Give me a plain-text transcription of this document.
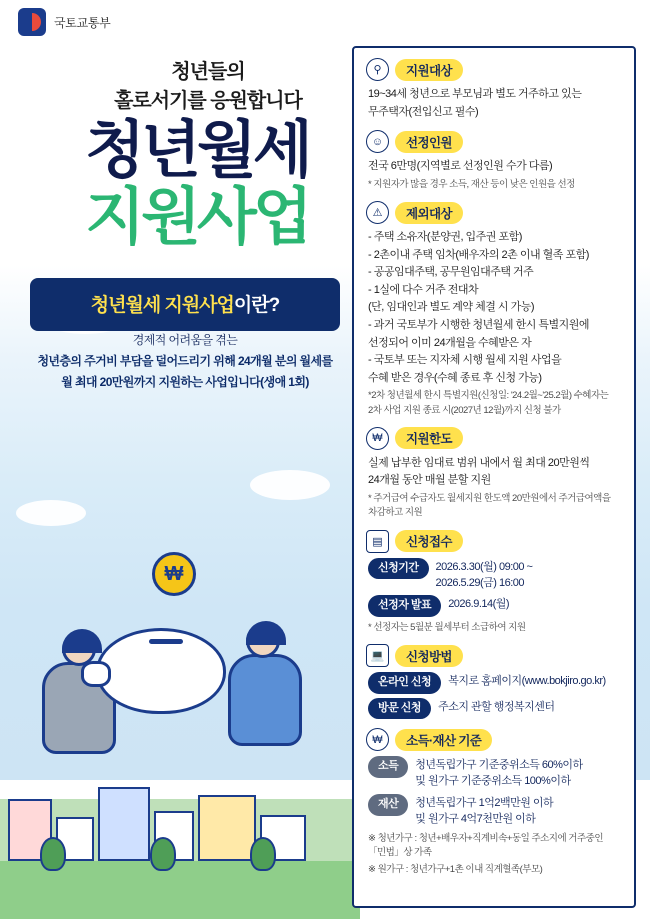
국토교통부
청년들의
홀로서기를 응원합니다
청년월세
지원사업
청년월세 지원사업이란?
경제적 어려움을 겪는
청년층의 주거비 부담을 덜어드리기 위해 24개월 분의 월세를
월 최대 20만원까지 지원하는 사업입니다(생애 1회)
₩
⚲	지원대상
19~34세 청년으로 부모님과 별도 거주하고 있는
무주택자(전입신고 필수)
☺	선정인원
전국 6만명(지역별로 선정인원 수가 다름)
* 지원자가 많을 경우 소득, 재산 등이 낮은 인원을 선정
⚠	제외대상
- 주택 소유자(분양권, 입주권 포함)
- 2촌이내 주택 임차(배우자의 2촌 이내 혈족 포함)
- 공공임대주택, 공무원임대주택 거주
- 1실에 다수 거주 전대차
(단, 임대인과 별도 계약 체결 시 가능)
- 과거 국토부가 시행한 청년월세 한시 특별지원에
선정되어 이미 24개월을 수혜받은 자
- 국토부 또는 지자체 시행 월세 지원 사업을
수혜 받은 경우(수혜 종료 후 신청 가능)
*2차 청년월세 한시 특별지원(신청일: '24.2월~'25.2월) 수혜자는
2차 사업 지원 종료 시(2027년 12월)까지 신청 불가
₩	지원한도
실제 납부한 임대료 범위 내에서 월 최대 20만원씩
24개월 동안 매월 분할 지원
* 주거급여 수급자도 월세지원 한도액 20만원에서 주거급여액을
차감하고 지원
▤	신청접수
신청기간	2026.3.30(월) 09:00 ~
2026.5.29(금) 16:00
선정자 발표	2026.9.14(월)
* 선정자는 5월분 월세부터 소급하여 지원
💻	신청방법
온라인 신청	복지로 홈페이지(www.bokjiro.go.kr)
방문 신청	주소지 관할 행정복지센터
₩	소득·재산 기준
소득	청년독립가구 기준중위소득 60%이하
및 원가구 기준중위소득 100%이하
재산	청년독립가구 1억2백만원 이하
및 원가구 4억7천만원 이하
※ 청년가구 : 청년+배우자+직계비속+동일 주소지에 거주중인
「민법」상 가족
※ 원가구 : 청년가구+1촌 이내 직계혈족(부모)
